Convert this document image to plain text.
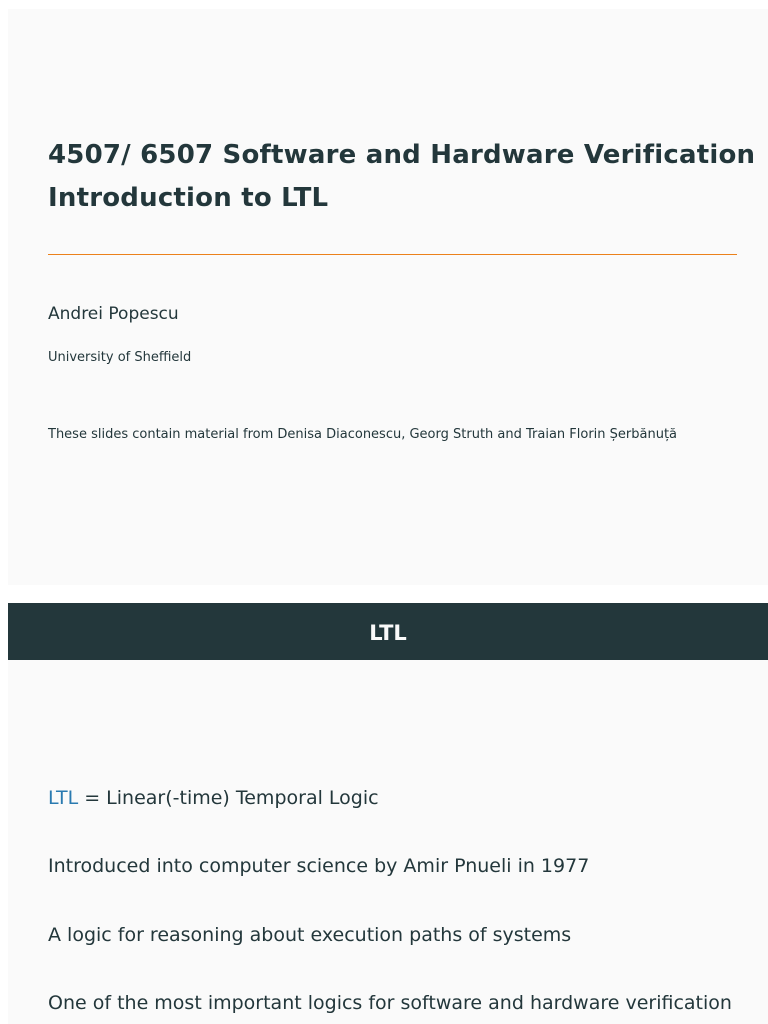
4507/ 6507 Software and Hardware Verification
Introduction to LTL
Andrei Popescu
University of Sheffield
These slides contain material from Denisa Diaconescu, Georg Struth and Traian Florin Șerbănuță
LTL
LTL = Linear(-time) Temporal Logic
Introduced into computer science by Amir Pnueli in 1977
A logic for reasoning about execution paths of systems
One of the most important logics for software and hardware verification
